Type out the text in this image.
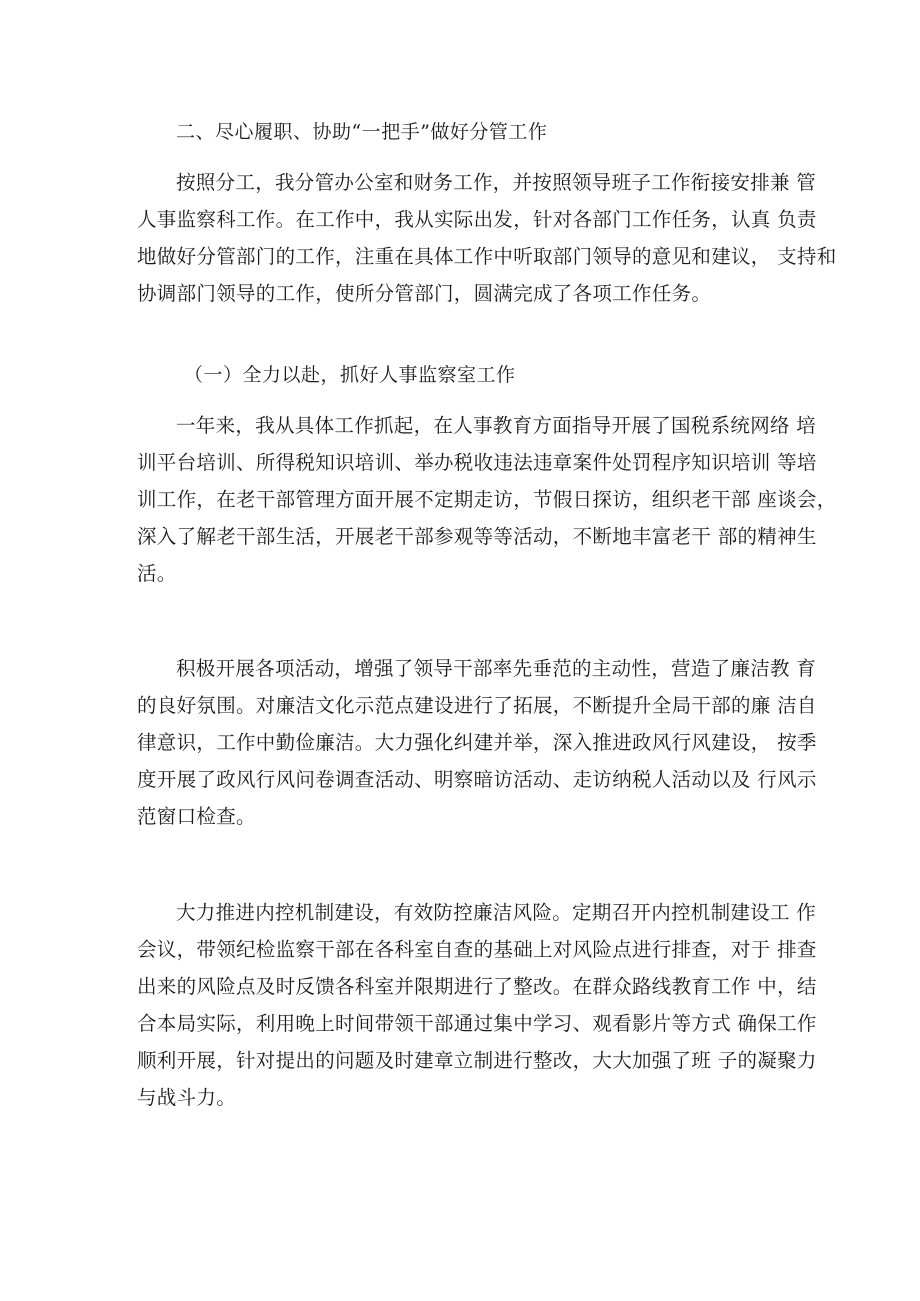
二、尽心履职、协助“一把手”做好分管工作
按照分工，我分管办公室和财务工作，并按照领导班子工作衔接安排兼 管
人事监察科工作。在工作中，我从实际出发，针对各部门工作任务，认真 负责
地做好分管部门的工作，注重在具体工作中听取部门领导的意见和建议， 支持和
协调部门领导的工作，使所分管部门，圆满完成了各项工作任务。
（一）全力以赴，抓好人事监察室工作
一年来，我从具体工作抓起，在人事教育方面指导开展了国税系统网络 培
训平台培训、所得税知识培训、举办税收违法违章案件处罚程序知识培训 等培
训工作，在老干部管理方面开展不定期走访，节假日探访，组织老干部 座谈会，
深入了解老干部生活，开展老干部参观等等活动，不断地丰富老干 部的精神生
活。
积极开展各项活动，增强了领导干部率先垂范的主动性，营造了廉洁教 育
的良好氛围。对廉洁文化示范点建设进行了拓展，不断提升全局干部的廉 洁自
律意识，工作中勤俭廉洁。大力强化纠建并举，深入推进政风行风建设， 按季
度开展了政风行风问卷调查活动、明察暗访活动、走访纳税人活动以及 行风示
范窗口检查。
大力推进内控机制建设，有效防控廉洁风险。定期召开内控机制建设工 作
会议，带领纪检监察干部在各科室自查的基础上对风险点进行排查，对于 排查
出来的风险点及时反馈各科室并限期进行了整改。在群众路线教育工作 中，结
合本局实际，利用晚上时间带领干部通过集中学习、观看影片等方式 确保工作
顺利开展，针对提出的问题及时建章立制进行整改，大大加强了班 子的凝聚力
与战斗力。
